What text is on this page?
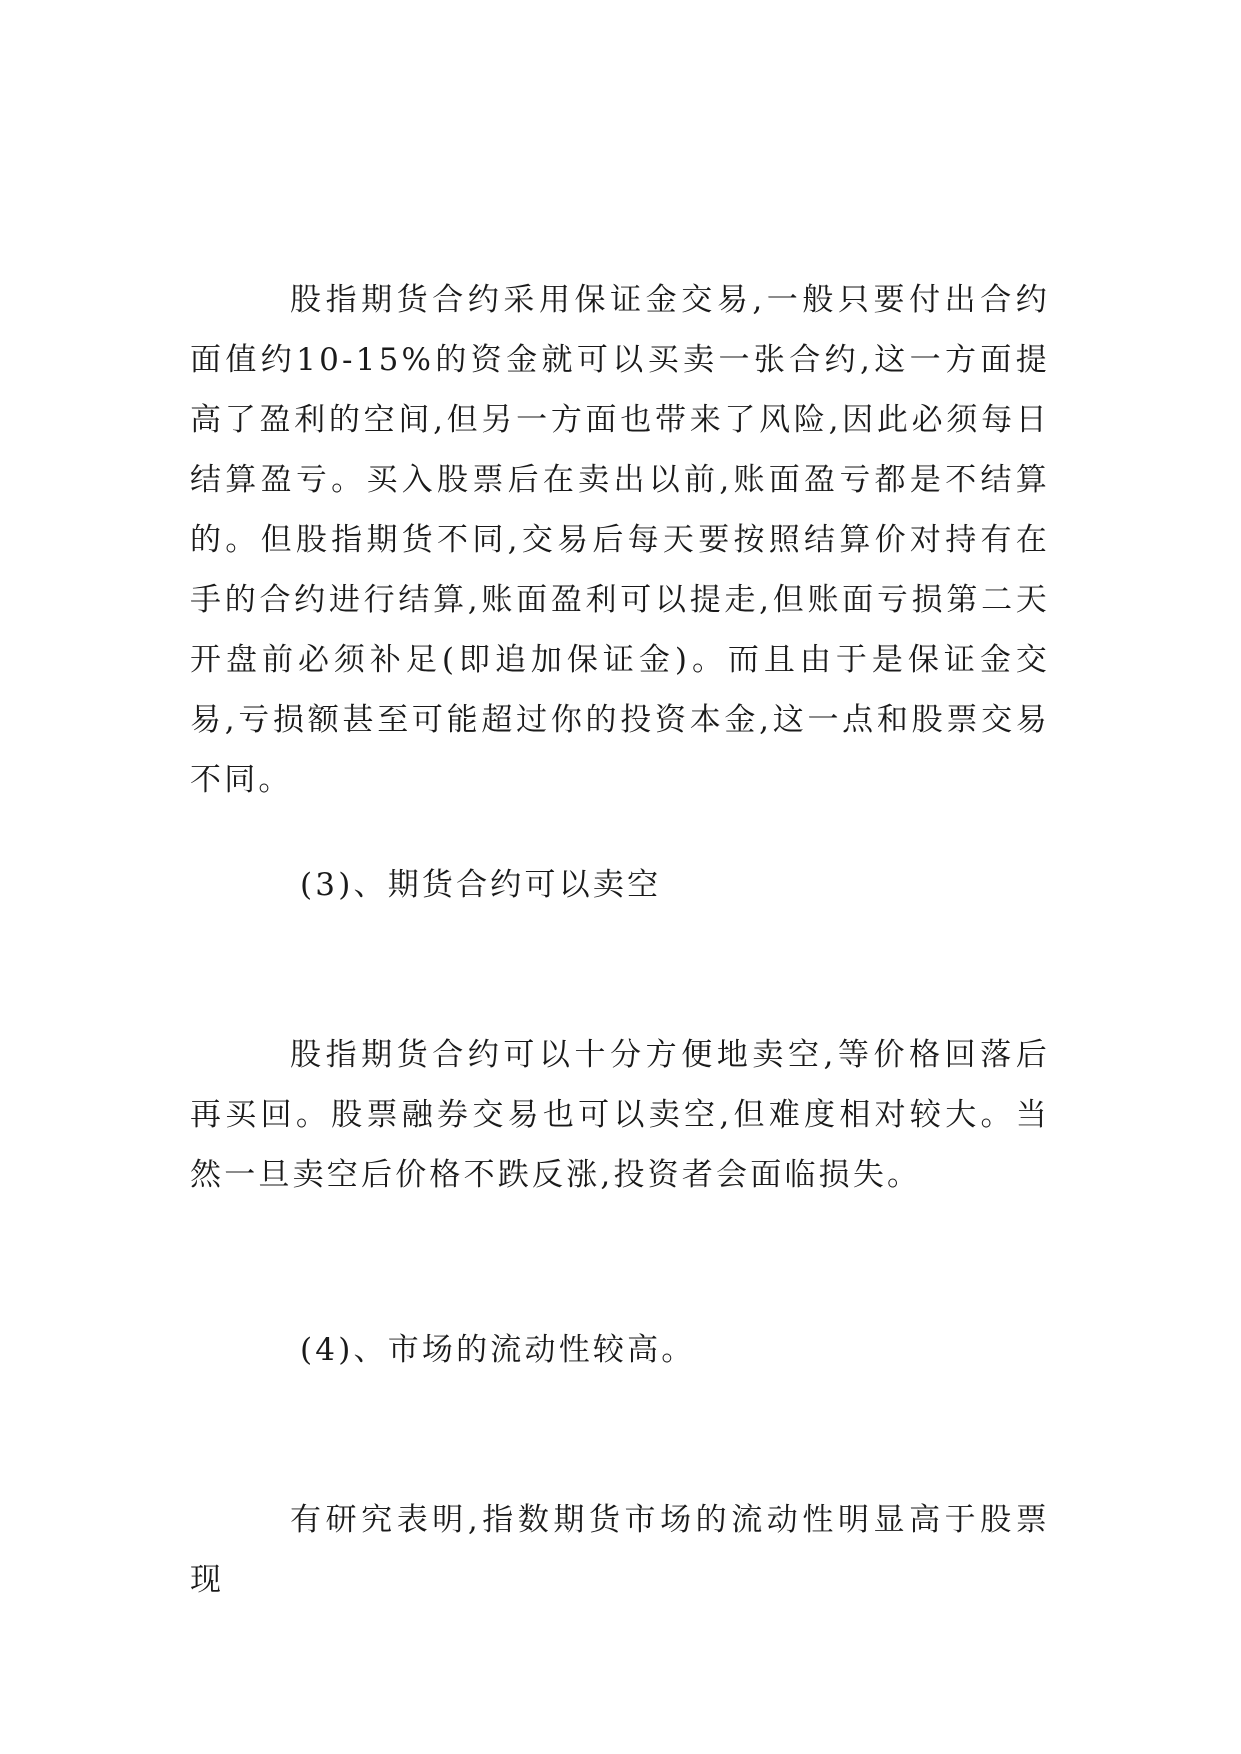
股指期货合约采用保证金交易,一般只要付出合约面值约10-15%的资金就可以买卖一张合约,这一方面提高了盈利的空间,但另一方面也带来了风险,因此必须每日结算盈亏。买入股票后在卖出以前,账面盈亏都是不结算的。但股指期货不同,交易后每天要按照结算价对持有在手的合约进行结算,账面盈利可以提走,但账面亏损第二天开盘前必须补足(即追加保证金)。而且由于是保证金交易,亏损额甚至可能超过你的投资本金,这一点和股票交易不同。

(3)、期货合约可以卖空

股指期货合约可以十分方便地卖空,等价格回落后再买回。股票融券交易也可以卖空,但难度相对较大。当然一旦卖空后价格不跌反涨,投资者会面临损失。

(4)、市场的流动性较高。

有研究表明,指数期货市场的流动性明显高于股票现
